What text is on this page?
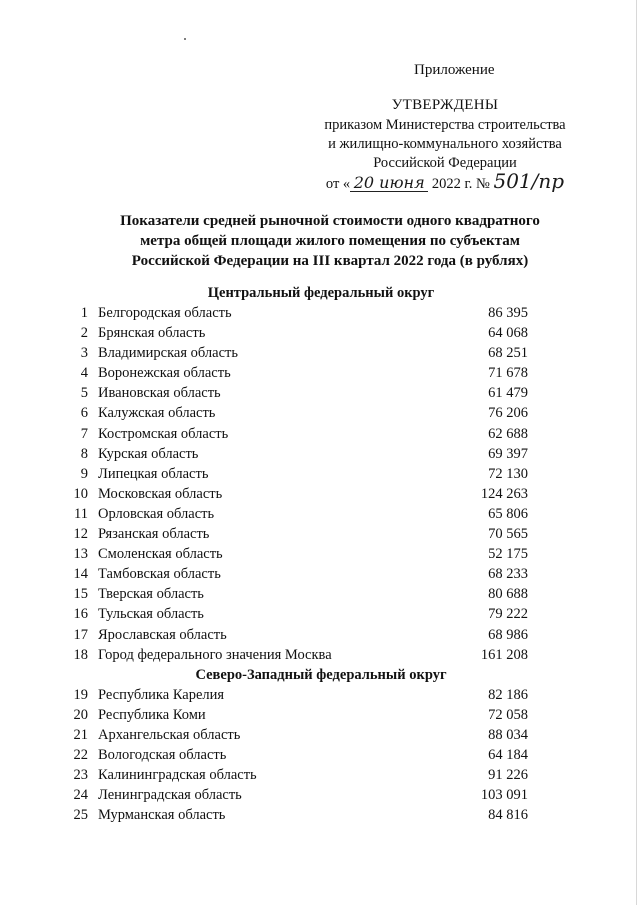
Приложение
УТВЕРЖДЕНЫ
приказом Министерства строительства
и жилищно-коммунального хозяйства
Российской Федерации
от « 20 июня 2022 г. № 501/пр
Показатели средней рыночной стоимости одного квадратного
метра общей площади жилого помещения по субъектам
Российской Федерации на III квартал 2022 года (в рублях)
Центральный федеральный округ
1 Белгородская область	86 395
2 Брянская область	64 068
3 Владимирская область	68 251
4 Воронежская область	71 678
5 Ивановская область	61 479
6 Калужская область	76 206
7 Костромская область	62 688
8 Курская область	69 397
9 Липецкая область	72 130
10 Московская область	124 263
11 Орловская область	65 806
12 Рязанская область	70 565
13 Смоленская область	52 175
14 Тамбовская область	68 233
15 Тверская область	80 688
16 Тульская область	79 222
17 Ярославская область	68 986
18 Город федерального значения Москва	161 208
Северо-Западный федеральный округ
19 Республика Карелия	82 186
20 Республика Коми	72 058
21 Архангельская область	88 034
22 Вологодская область	64 184
23 Калининградская область	91 226
24 Ленинградская область	103 091
25 Мурманская область	84 816
